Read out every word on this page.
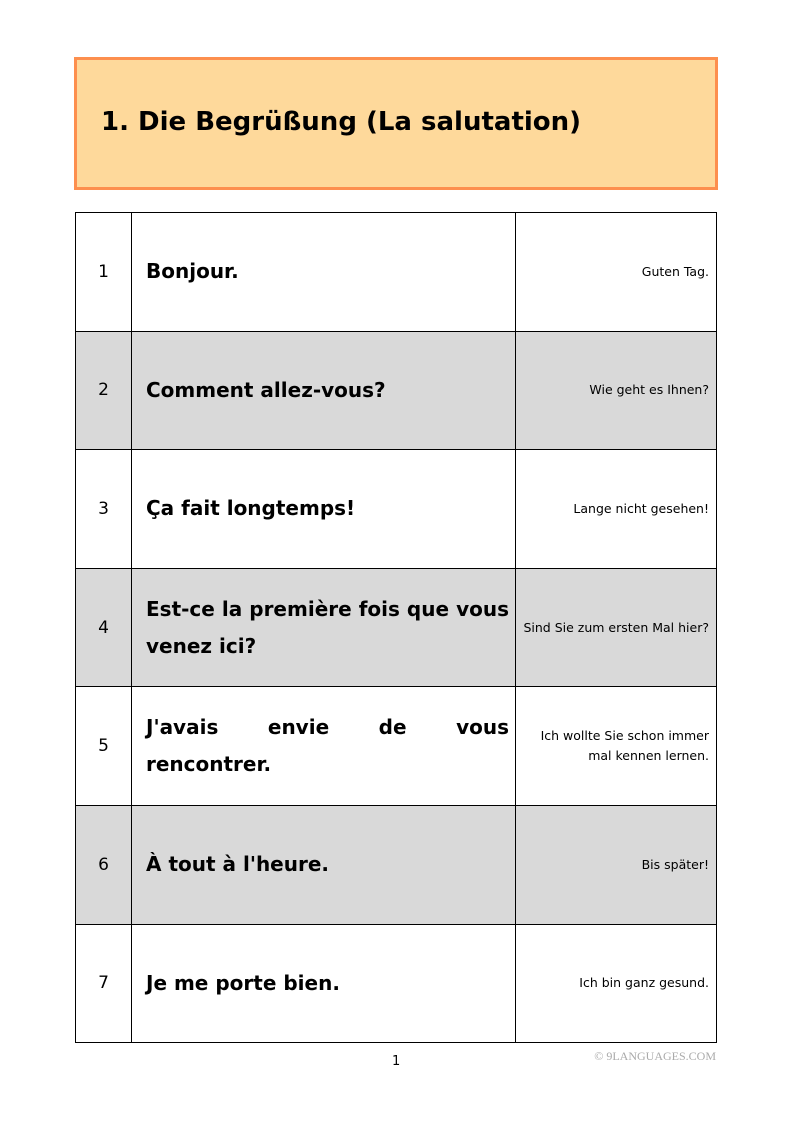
1. Die Begrüßung (La salutation)
1	Bonjour.	Guten Tag.
2	Comment allez-vous?	Wie geht es Ihnen?
3	Ça fait longtemps!	Lange nicht gesehen!
4	Est-ce la première fois que vous venez ici?	Sind Sie zum ersten Mal hier?
5	J'avais envie de vous rencontrer.	Ich wollte Sie schon immer mal kennen lernen.
6	À tout à l'heure.	Bis später!
7	Je me porte bien.	Ich bin ganz gesund.
1	© 9LANGUAGES.COM
